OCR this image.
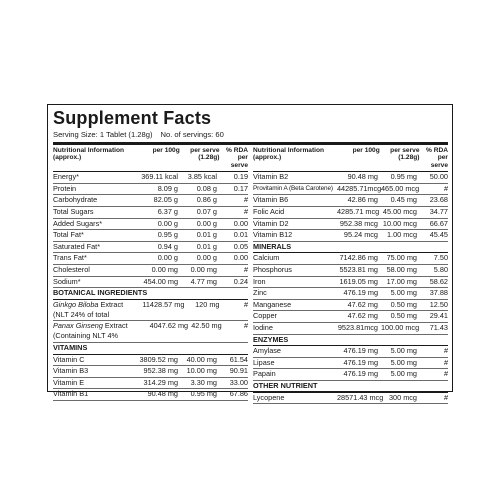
Supplement Facts
Serving Size: 1 Tablet (1.28g) No. of servings: 60
Nutritional Information (approx.)
per 100g	per serve (1.28g)
% RDA per serve
Energy*	369.11 kcal	3.85 kcal	0.19
Protein	8.09 g	0.08 g	0.17
Carbohydrate	82.05 g	0.86 g	#
Total Sugars	6.37 g	0.07 g	#
Added Sugars*	0.00 g	0.00 g	0.00
Total Fat*	0.95 g	0.01 g	0.01
Saturated Fat*	0.94 g	0.01 g	0.05
Trans Fat*	0.00 g	0.00 g	0.00
Cholesterol	0.00 mg	0.00 mg	#
Sodium*	454.00 mg	4.77 mg	0.24
BOTANICAL INGREDIENTS
Ginkgo Biloba Extract
(NLT 24% of total
11428.57 mg	120 mg	#
Panax Ginseng Extract
(Containing NLT 4%
4047.62 mg 42.50 mg	#
VITAMINS
Vitamin C	3809.52 mg	40.00 mg	61.54
Vitamin B3	952.38 mg	10.00 mg	90.91
Vitamin E	314.29 mg	3.30 mg	33.00
Vitamin B1	90.48 mg	0.95 mg	67.86
Nutritional Information (approx.)
per 100g	per serve (1.28g)
% RDA per serve
Vitamin B2	90.48 mg	0.95 mg	50.00
Provitamin A (Beta Carotene) 44285.71mcg 465.00 mcg	#
Vitamin B6	42.86 mg	0.45 mg	23.68
Folic Acid	4285.71 mcg 45.00 mcg	34.77
Vitamin D2	952.38 mcg 10.00 mcg	66.67
Vitamin B12	95.24 mcg	1.00 mcg	45.45
MINERALS
Calcium	7142.86 mg	75.00 mg	7.50
Phosphorus	5523.81 mg	58.00 mg	5.80
Iron	1619.05 mg	17.00 mg	58.62
Zinc	476.19 mg	5.00 mg	37.88
Manganese	47.62 mg	0.50 mg	12.50
Copper	47.62 mg	0.50 mg	29.41
Iodine	9523.81mcg 100.00 mcg	71.43
ENZYMES
Amylase	476.19 mg	5.00 mg	#
Lipase	476.19 mg	5.00 mg	#
Papain	476.19 mg	5.00 mg	#
OTHER NUTRIENT
Lycopene	28571.43 mcg 300 mcg	#
